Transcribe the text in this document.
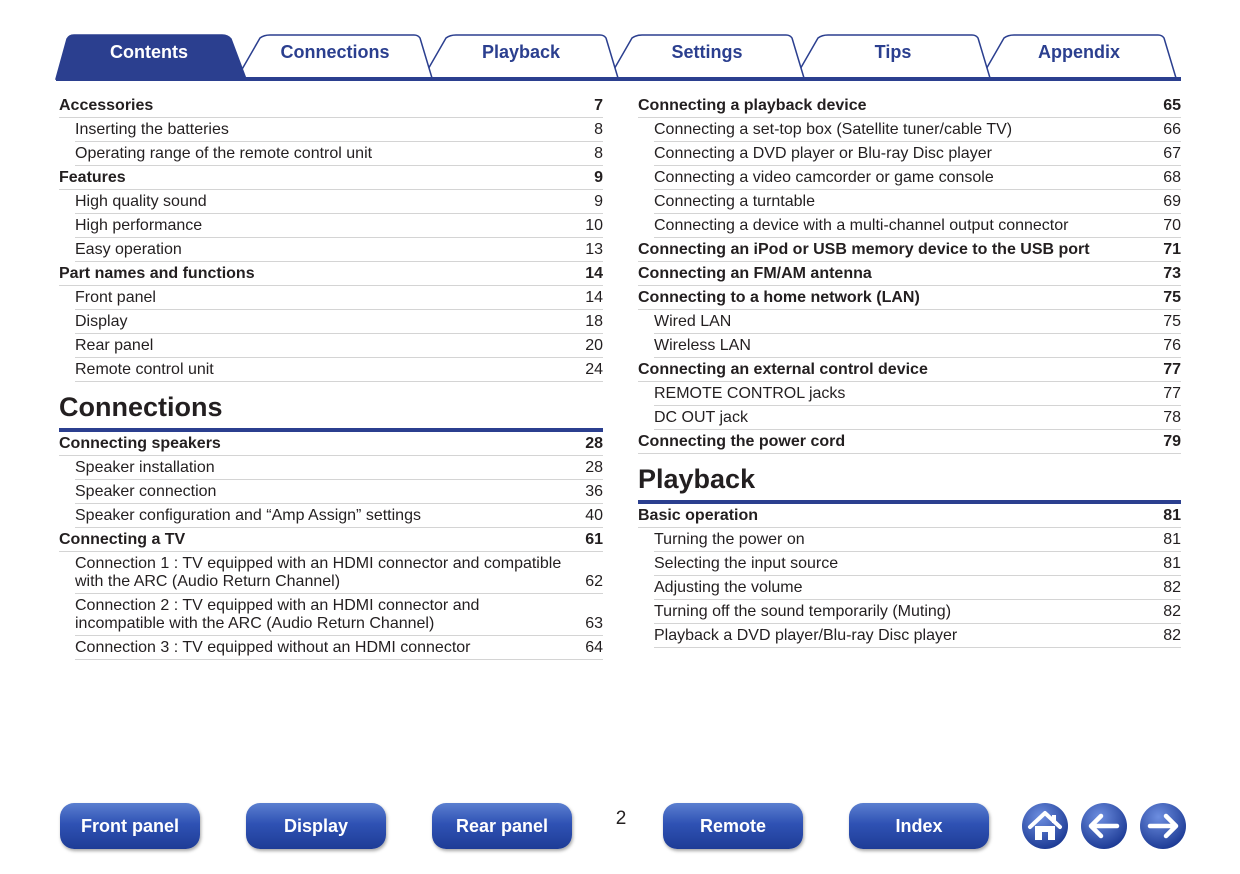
Contents	Connections	Playback	Settings	Tips	Appendix
Accessories	7
Inserting the batteries	8
Operating range of the remote control unit	8
Features	9
High quality sound	9
High performance	10
Easy operation	13
Part names and functions	14
Front panel	14
Display	18
Rear panel	20
Remote control unit	24
Connections
Connecting speakers	28
Speaker installation	28
Speaker connection	36
Speaker configuration and “Amp Assign” settings	40
Connecting a TV	61
Connection 1 : TV equipped with an HDMI connector and compatible with the ARC (Audio Return Channel)	62
Connection 2 : TV equipped with an HDMI connector and incompatible with the ARC (Audio Return Channel)	63
Connection 3 : TV equipped without an HDMI connector	64
Connecting a playback device	65
Connecting a set-top box (Satellite tuner/cable TV)	66
Connecting a DVD player or Blu-ray Disc player	67
Connecting a video camcorder or game console	68
Connecting a turntable	69
Connecting a device with a multi-channel output connector	70
Connecting an iPod or USB memory device to the USB port	71
Connecting an FM/AM antenna	73
Connecting to a home network (LAN)	75
Wired LAN	75
Wireless LAN	76
Connecting an external control device	77
REMOTE CONTROL jacks	77
DC OUT jack	78
Connecting the power cord	79
Playback
Basic operation	81
Turning the power on	81
Selecting the input source	81
Adjusting the volume	82
Turning off the sound temporarily (Muting)	82
Playback a DVD player/Blu-ray Disc player	82
Front panel	Display	Rear panel	2	Remote	Index
